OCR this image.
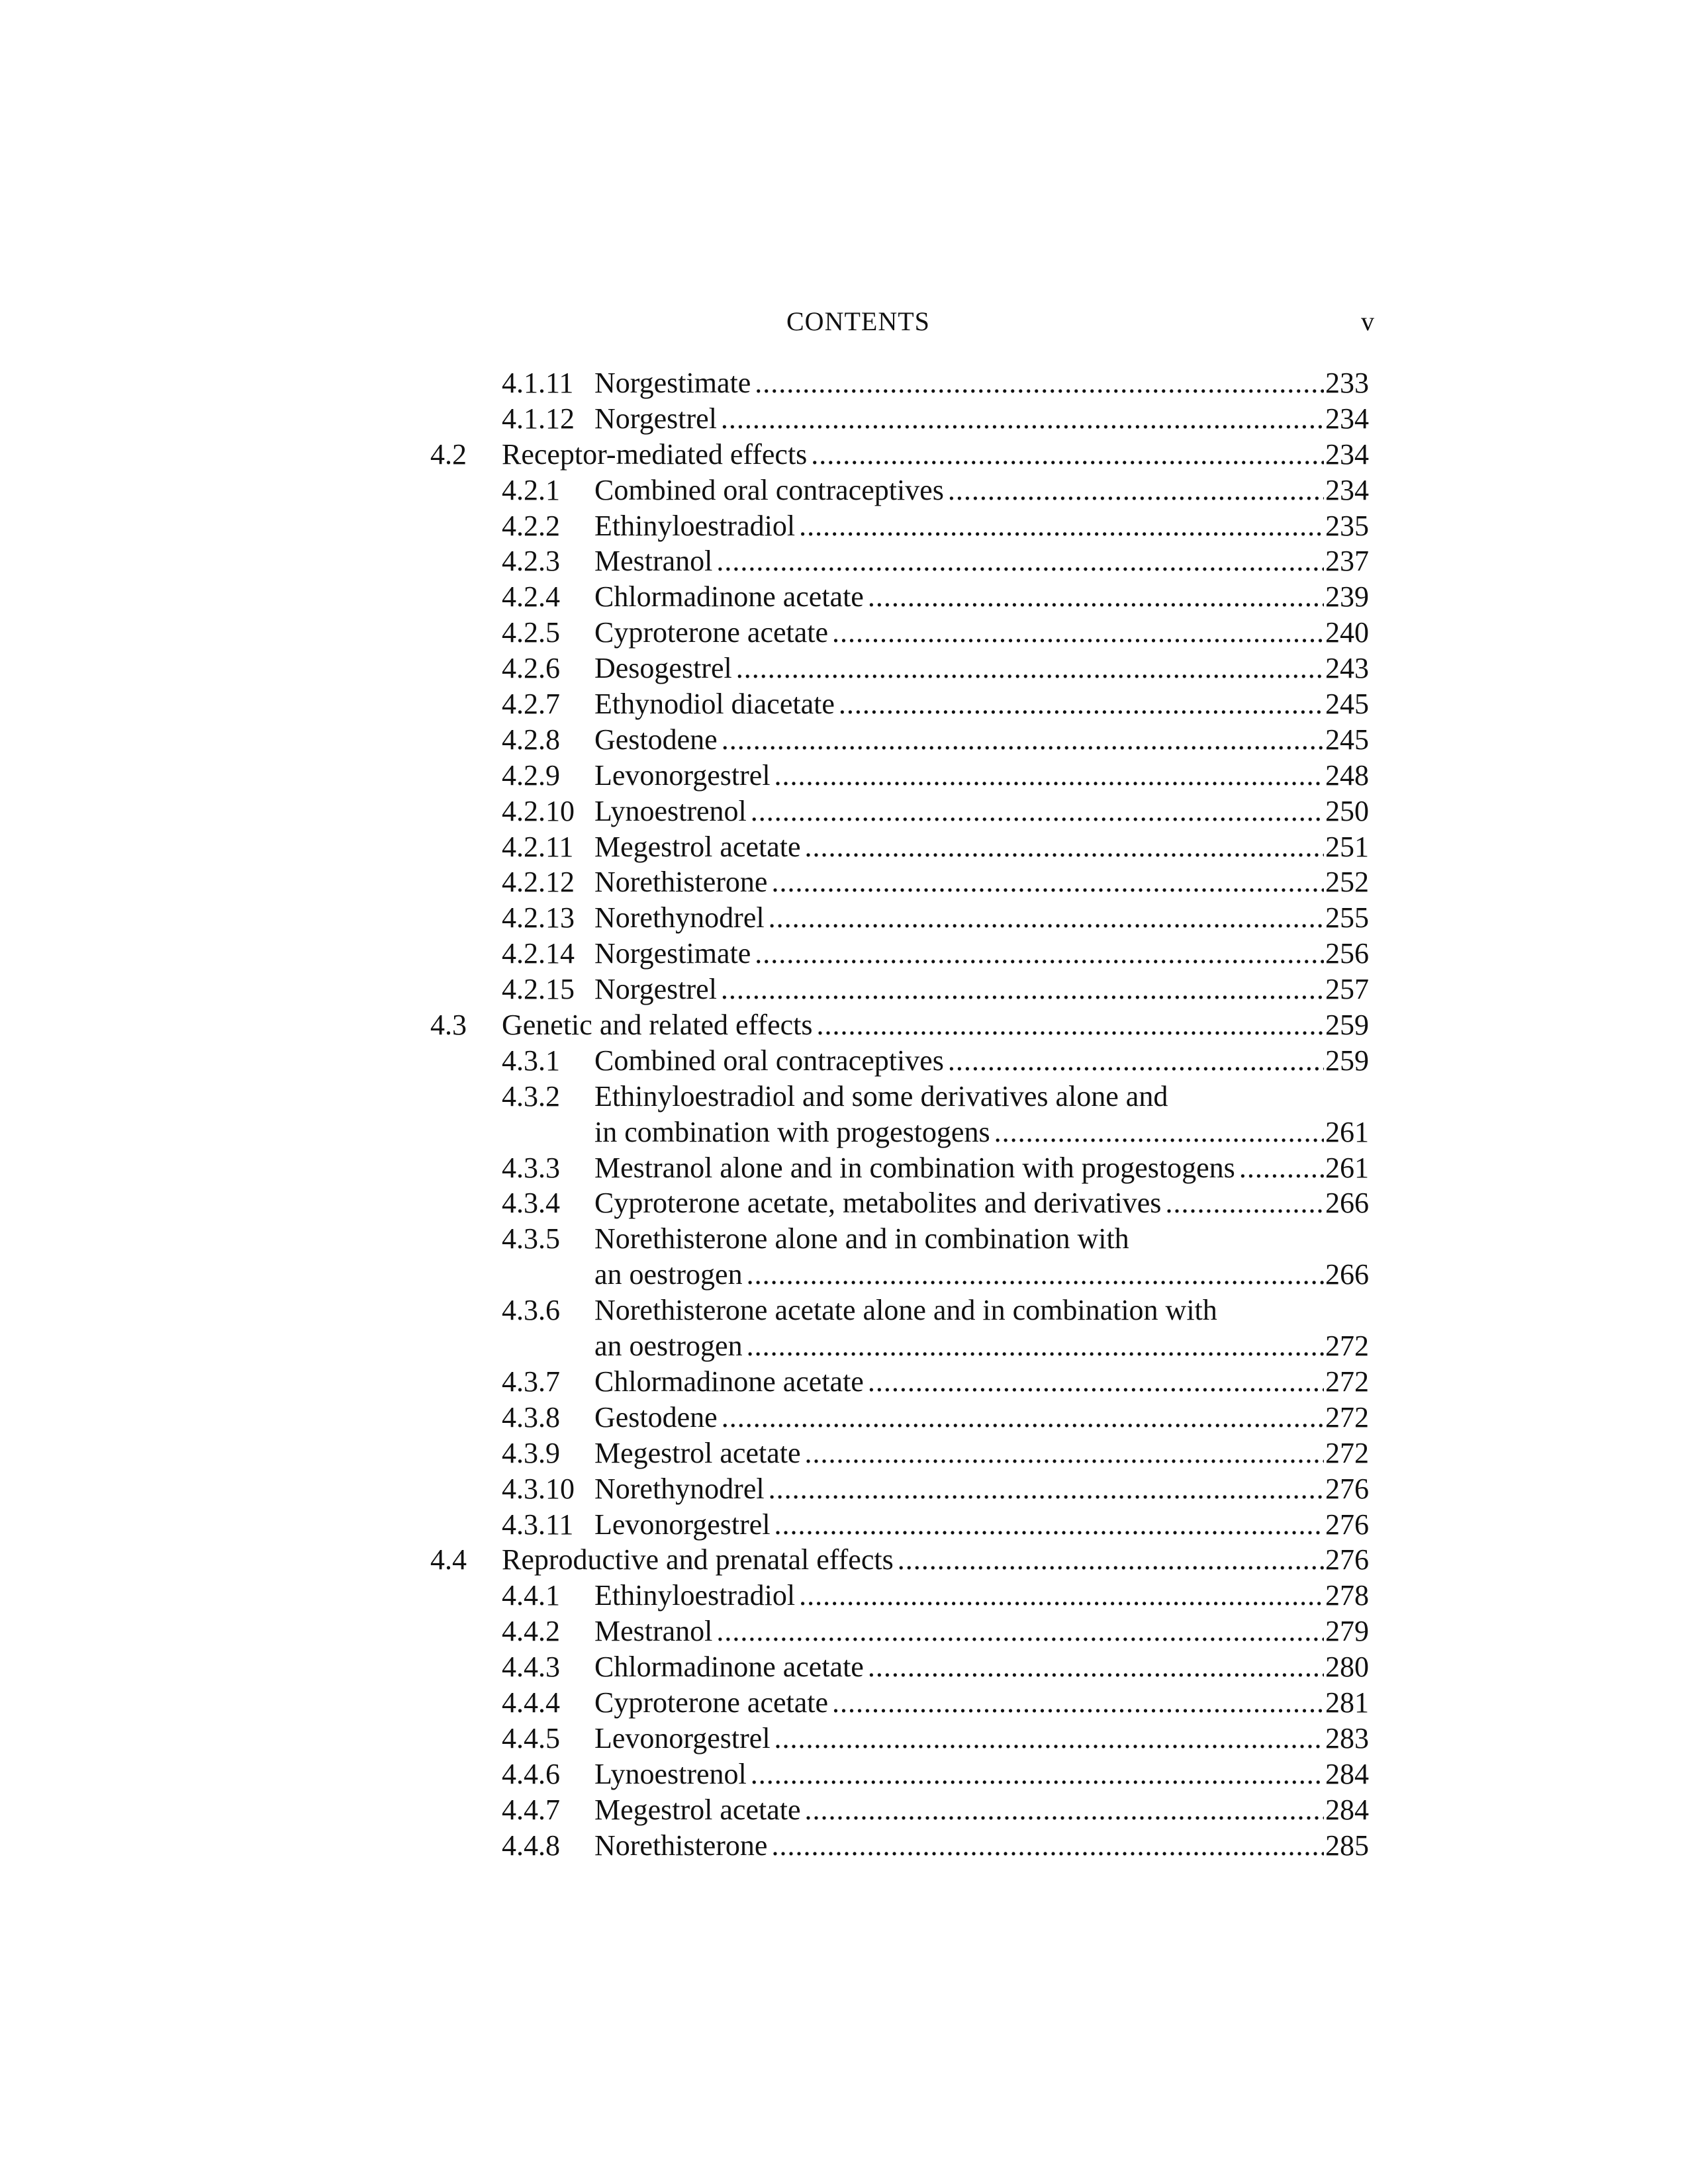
CONTENTS	v
4.1.11 Norgestimate .....	233
4.1.12 Norgestrel .....	234
4.2	Receptor-mediated effects .....	234
4.2.1	Combined oral contraceptives .....	234
4.2.2	Ethinyloestradiol .....	235
4.2.3	Mestranol .....	237
4.2.4	Chlormadinone acetate .....	239
4.2.5	Cyproterone acetate .....	240
4.2.6	Desogestrel .....	243
4.2.7	Ethynodiol diacetate .....	245
4.2.8	Gestodene .....	245
4.2.9	Levonorgestrel .....	248
4.2.10 Lynoestrenol .....	250
4.2.11 Megestrol acetate .....	251
4.2.12 Norethisterone .....	252
4.2.13 Norethynodrel .....	255
4.2.14 Norgestimate .....	256
4.2.15 Norgestrel .....	257
4.3	Genetic and related effects .....	259
4.3.1	Combined oral contraceptives .....	259
4.3.2	Ethinyloestradiol and some derivatives alone and
in combination with progestogens .....	261
4.3.3	Mestranol alone and in combination with progestogens .....	261
4.3.4	Cyproterone acetate, metabolites and derivatives .....	266
4.3.5	Norethisterone alone and in combination with
an oestrogen .....	266
4.3.6	Norethisterone acetate alone and in combination with
an oestrogen .....	272
4.3.7	Chlormadinone acetate .....	272
4.3.8	Gestodene .....	272
4.3.9	Megestrol acetate .....	272
4.3.10 Norethynodrel .....	276
4.3.11 Levonorgestrel .....	276
4.4	Reproductive and prenatal effects .....	276
4.4.1	Ethinyloestradiol .....	278
4.4.2	Mestranol .....	279
4.4.3	Chlormadinone acetate .....	280
4.4.4	Cyproterone acetate .....	281
4.4.5	Levonorgestrel .....	283
4.4.6	Lynoestrenol .....	284
4.4.7	Megestrol acetate .....	284
4.4.8	Norethisterone .....	285
